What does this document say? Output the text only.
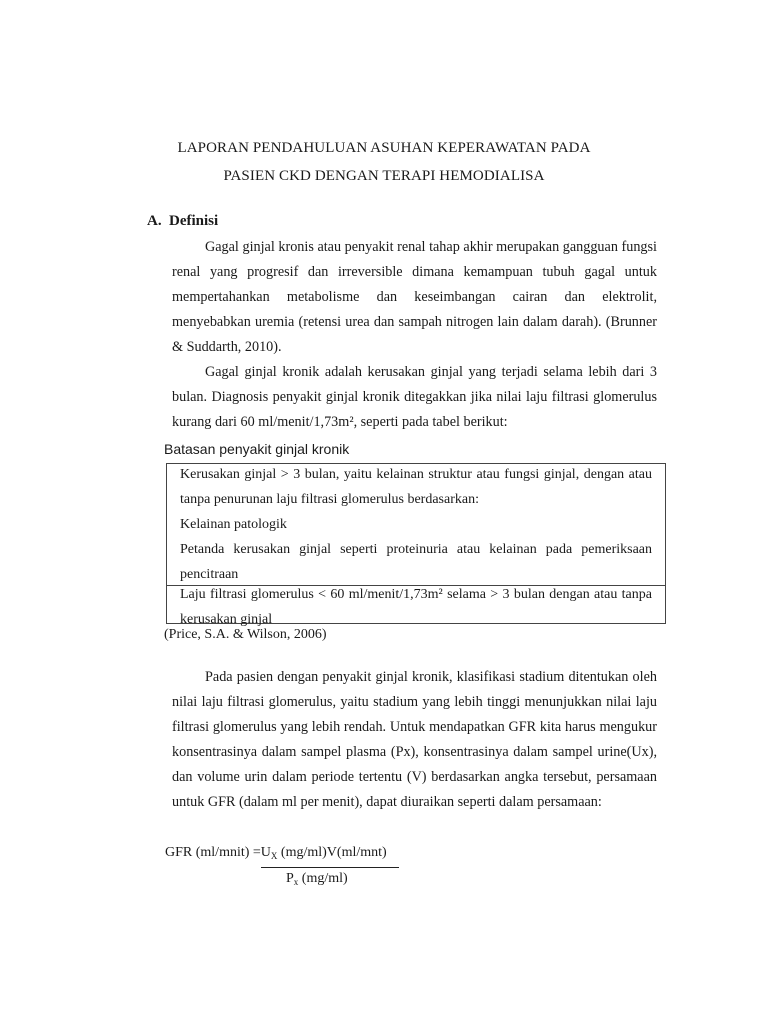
LAPORAN PENDAHULUAN ASUHAN KEPERAWATAN PADA
PASIEN CKD DENGAN TERAPI HEMODIALISA
A. Definisi
Gagal ginjal kronis atau penyakit renal tahap akhir merupakan gangguan fungsi renal yang progresif dan irreversible dimana kemampuan tubuh gagal untuk mempertahankan metabolisme dan keseimbangan cairan dan elektrolit, menyebabkan uremia (retensi urea dan sampah nitrogen lain dalam darah). (Brunner & Suddarth, 2010).
Gagal ginjal kronik adalah kerusakan ginjal yang terjadi selama lebih dari 3 bulan. Diagnosis penyakit ginjal kronik ditegakkan jika nilai laju filtrasi glomerulus kurang dari 60 ml/menit/1,73m², seperti pada tabel berikut:
Batasan penyakit ginjal kronik
Kerusakan ginjal > 3 bulan, yaitu kelainan struktur atau fungsi ginjal, dengan atau tanpa penurunan laju filtrasi glomerulus berdasarkan:
Kelainan patologik
Petanda kerusakan ginjal seperti proteinuria atau kelainan pada pemeriksaan pencitraan
Laju filtrasi glomerulus < 60 ml/menit/1,73m² selama > 3 bulan dengan atau tanpa kerusakan ginjal
(Price, S.A. & Wilson, 2006)
Pada pasien dengan penyakit ginjal kronik, klasifikasi stadium ditentukan oleh nilai laju filtrasi glomerulus, yaitu stadium yang lebih tinggi menunjukkan nilai laju filtrasi glomerulus yang lebih rendah. Untuk mendapatkan GFR kita harus mengukur konsentrasinya dalam sampel plasma (Px), konsentrasinya dalam sampel urine(Ux), dan volume urin dalam periode tertentu (V) berdasarkan angka tersebut, persamaan untuk GFR (dalam ml per menit), dapat diuraikan seperti dalam persamaan:
GFR (ml/mnit) $=U_X$ (mg/ml)V(ml/mnt)
$P_x$ (mg/ml)
